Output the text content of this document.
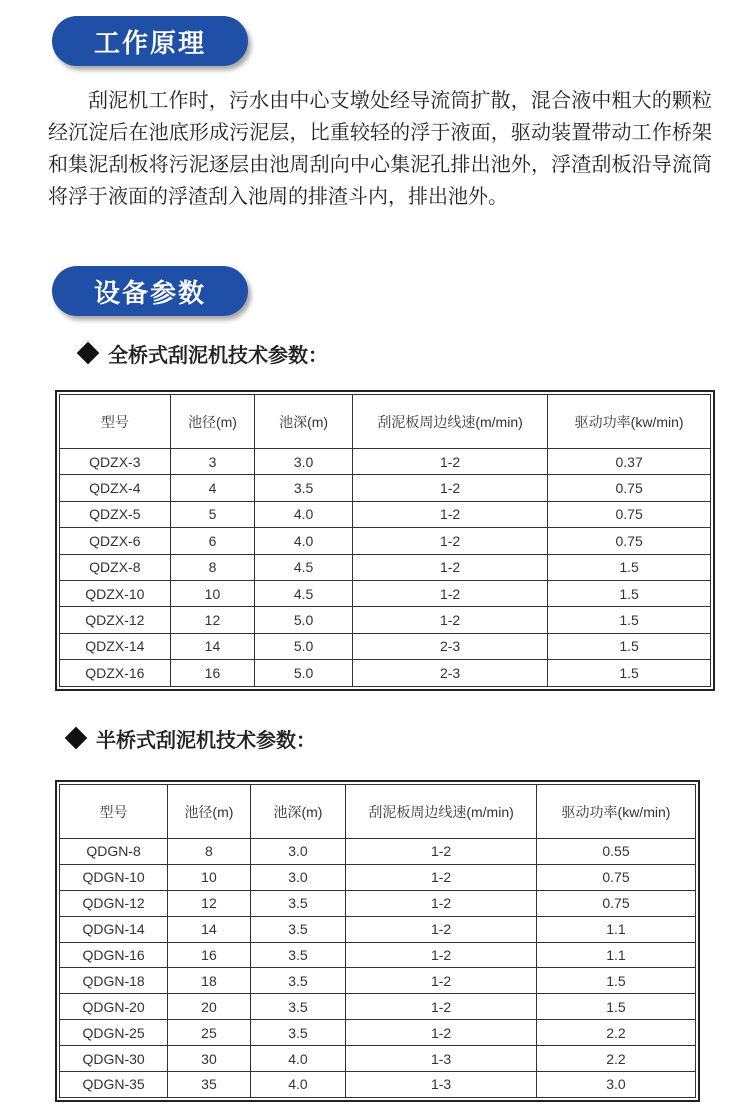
工作原理

刮泥机工作时，污水由中心支墩处经导流筒扩散，混合液中粗大的颗粒经沉淀后在池底形成污泥层，比重较轻的浮于液面，驱动装置带动工作桥架和集泥刮板将污泥逐层由池周刮向中心集泥孔排出池外，浮渣刮板沿导流筒将浮于液面的浮渣刮入池周的排渣斗内，排出池外。

设备参数
全桥式刮泥机技术参数：
型号	池径(m)	池深(m)	刮泥板周边线速(m/min)	驱动功率(kw/min)
QDZX-3	3	3.0	1-2	0.37
QDZX-4	4	3.5	1-2	0.75
QDZX-5	5	4.0	1-2	0.75
QDZX-6	6	4.0	1-2	0.75
QDZX-8	8	4.5	1-2	1.5
QDZX-10	10	4.5	1-2	1.5
QDZX-12	12	5.0	1-2	1.5
QDZX-14	14	5.0	2-3	1.5
QDZX-16	16	5.0	2-3	1.5
半桥式刮泥机技术参数：
型号	池径(m)	池深(m)	刮泥板周边线速(m/min)	驱动功率(kw/min)
QDGN-8	8	3.0	1-2	0.55
QDGN-10	10	3.0	1-2	0.75
QDGN-12	12	3.5	1-2	0.75
QDGN-14	14	3.5	1-2	1.1
QDGN-16	16	3.5	1-2	1.1
QDGN-18	18	3.5	1-2	1.5
QDGN-20	20	3.5	1-2	1.5
QDGN-25	25	3.5	1-2	2.2
QDGN-30	30	4.0	1-3	2.2
QDGN-35	35	4.0	1-3	3.0
